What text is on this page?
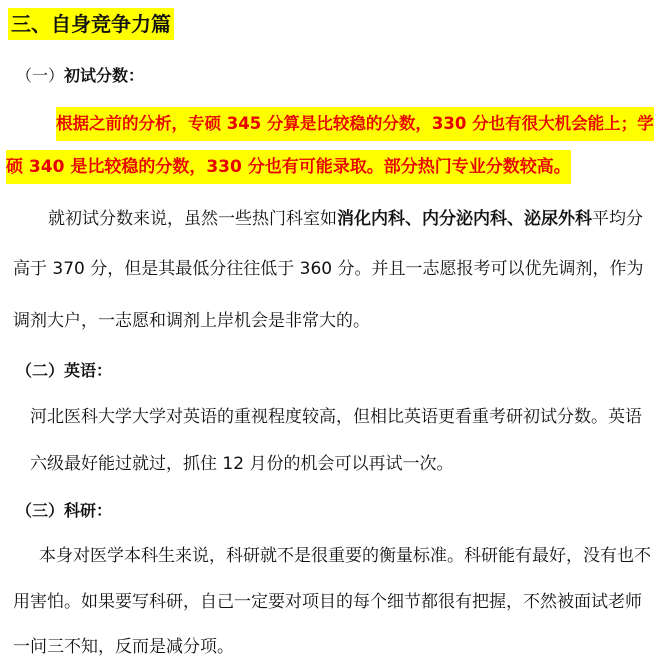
三、自身竞争力篇
（一）初试分数：
根据之前的分析，专硕 345 分算是比较稳的分数，330 分也有很大机会能上；学
硕 340 是比较稳的分数，330 分也有可能录取。部分热门专业分数较高。
就初试分数来说，虽然一些热门科室如消化内科、内分泌内科、泌尿外科平均分
高于 370 分，但是其最低分往往低于 360 分。并且一志愿报考可以优先调剂，作为
调剂大户，一志愿和调剂上岸机会是非常大的。
（二）英语：
河北医科大学大学对英语的重视程度较高，但相比英语更看重考研初试分数。英语
六级最好能过就过，抓住 12 月份的机会可以再试一次。
（三）科研：
本身对医学本科生来说，科研就不是很重要的衡量标准。科研能有最好，没有也不
用害怕。如果要写科研，自己一定要对项目的每个细节都很有把握，不然被面试老师
一问三不知，反而是减分项。
